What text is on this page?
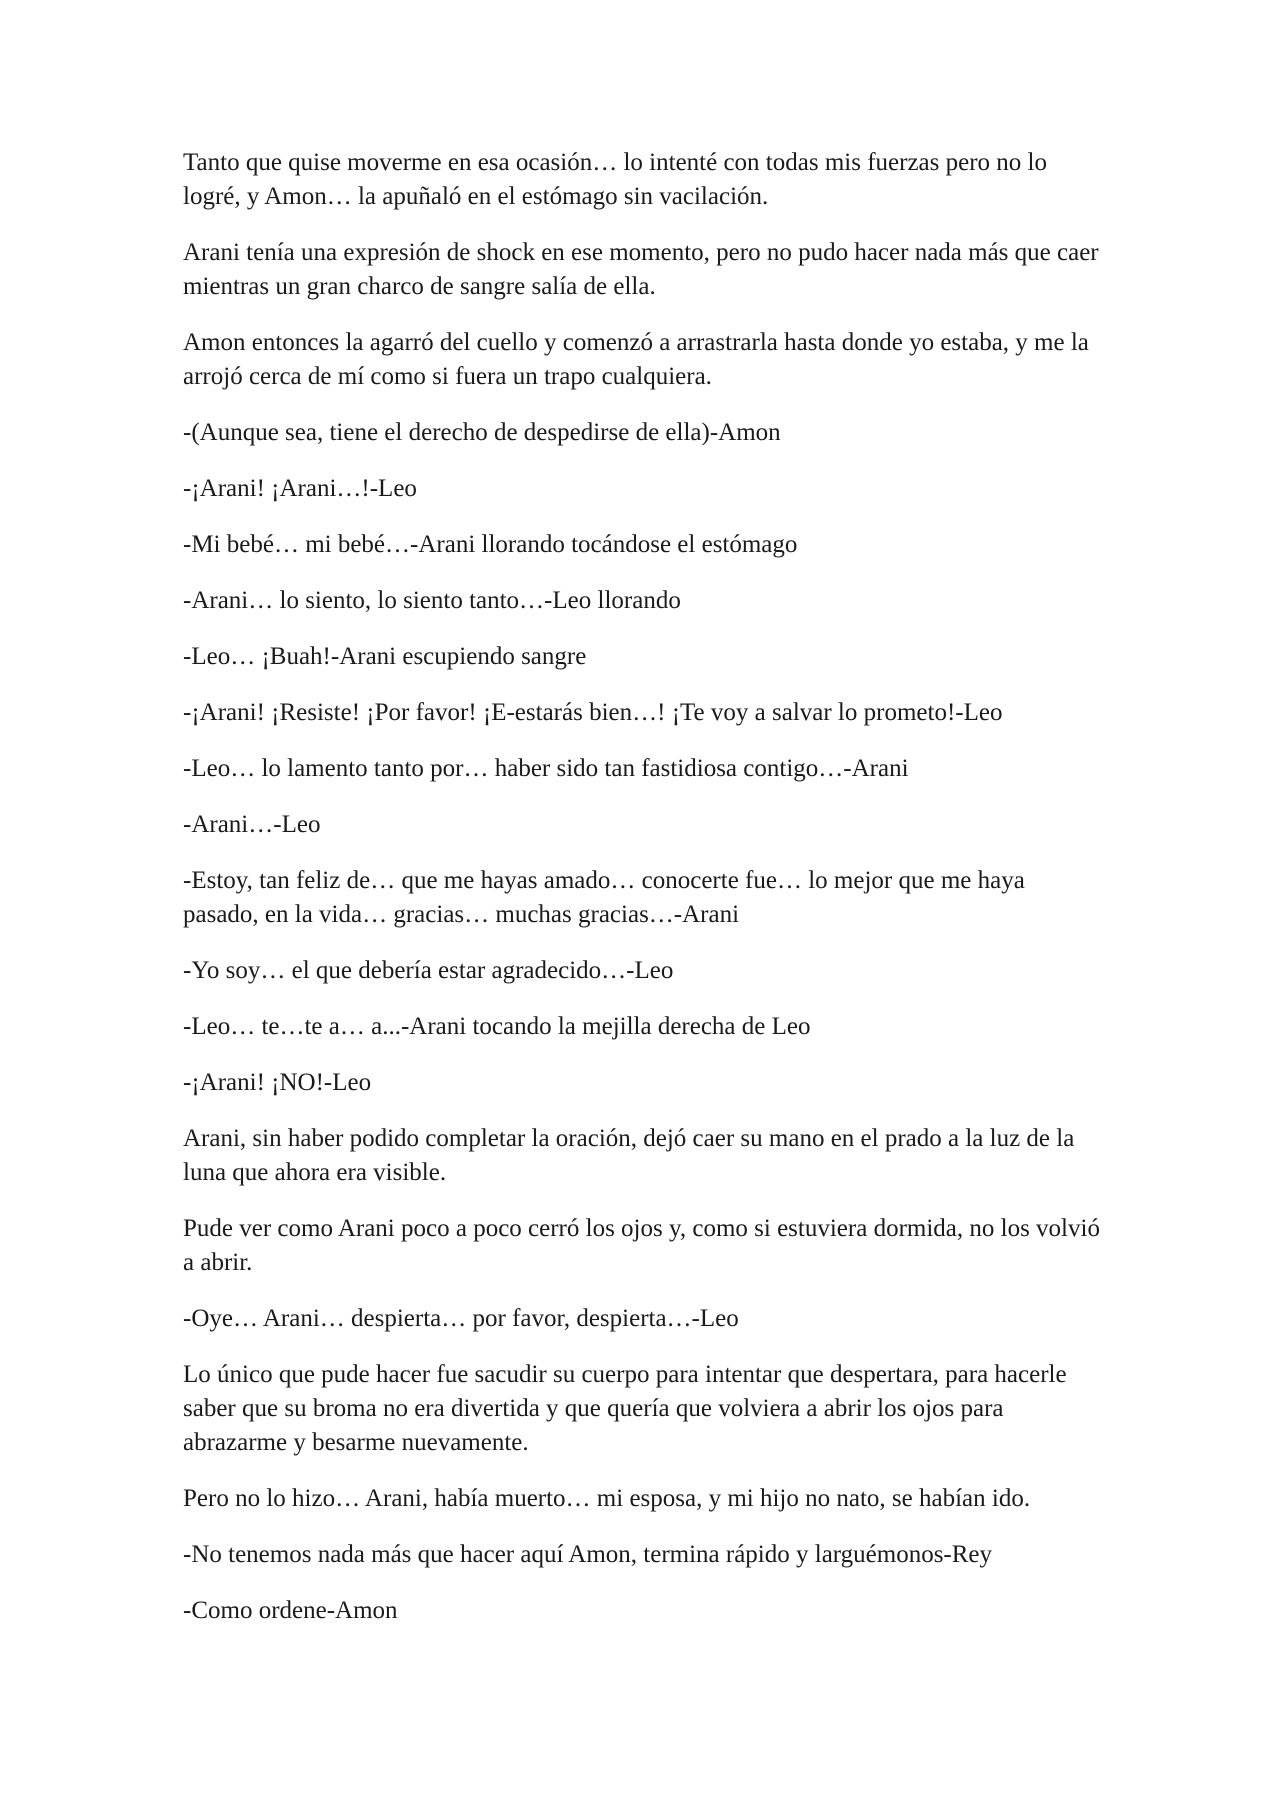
Tanto que quise moverme en esa ocasión… lo intenté con todas mis fuerzas pero no lo logré, y Amon… la apuñaló en el estómago sin vacilación.

Arani tenía una expresión de shock en ese momento, pero no pudo hacer nada más que caer mientras un gran charco de sangre salía de ella.

Amon entonces la agarró del cuello y comenzó a arrastrarla hasta donde yo estaba, y me la arrojó cerca de mí como si fuera un trapo cualquiera.

-(Aunque sea, tiene el derecho de despedirse de ella)-Amon

-¡Arani! ¡Arani…!-Leo

-Mi bebé… mi bebé…-Arani llorando tocándose el estómago

-Arani… lo siento, lo siento tanto…-Leo llorando

-Leo… ¡Buah!-Arani escupiendo sangre

-¡Arani! ¡Resiste! ¡Por favor! ¡E-estarás bien…! ¡Te voy a salvar lo prometo!-Leo

-Leo… lo lamento tanto por… haber sido tan fastidiosa contigo…-Arani

-Arani…-Leo

-Estoy, tan feliz de… que me hayas amado… conocerte fue… lo mejor que me haya pasado, en la vida… gracias… muchas gracias…-Arani

-Yo soy… el que debería estar agradecido…-Leo

-Leo… te…te a… a...-Arani tocando la mejilla derecha de Leo

-¡Arani! ¡NO!-Leo

Arani, sin haber podido completar la oración, dejó caer su mano en el prado a la luz de la luna que ahora era visible.

Pude ver como Arani poco a poco cerró los ojos y, como si estuviera dormida, no los volvió a abrir.

-Oye… Arani… despierta… por favor, despierta…-Leo

Lo único que pude hacer fue sacudir su cuerpo para intentar que despertara, para hacerle saber que su broma no era divertida y que quería que volviera a abrir los ojos para abrazarme y besarme nuevamente.

Pero no lo hizo… Arani, había muerto… mi esposa, y mi hijo no nato, se habían ido.

-No tenemos nada más que hacer aquí Amon, termina rápido y larguémonos-Rey

-Como ordene-Amon
